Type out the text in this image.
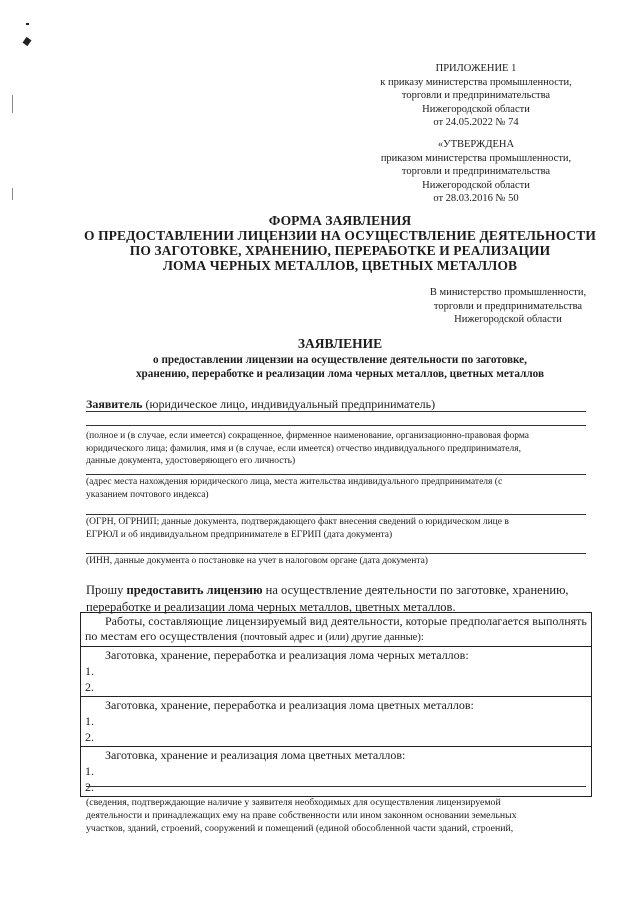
ПРИЛОЖЕНИЕ 1
к приказу министерства промышленности,
торговли и предпринимательства
Нижегородской области
от 24.05.2022 № 74
«УТВЕРЖДЕНА
приказом министерства промышленности,
торговли и предпринимательства
Нижегородской области
от 28.03.2016 № 50
ФОРМА ЗАЯВЛЕНИЯ
О ПРЕДОСТАВЛЕНИИ ЛИЦЕНЗИИ НА ОСУЩЕСТВЛЕНИЕ ДЕЯТЕЛЬНОСТИ
ПО ЗАГОТОВКЕ, ХРАНЕНИЮ, ПЕРЕРАБОТКЕ И РЕАЛИЗАЦИИ
ЛОМА ЧЕРНЫХ МЕТАЛЛОВ, ЦВЕТНЫХ МЕТАЛЛОВ
В министерство промышленности,
торговли и предпринимательства
Нижегородской области
ЗАЯВЛЕНИЕ
о предоставлении лицензии на осуществление деятельности по заготовке,
хранению, переработке и реализации лома черных металлов, цветных металлов
Заявитель (юридическое лицо, индивидуальный предприниматель)
(полное и (в случае, если имеется) сокращенное, фирменное наименование, организационно-правовая форма
юридического лица; фамилия, имя и (в случае, если имеется) отчество индивидуального предпринимателя,
данные документа, удостоверяющего его личность)
(адрес места нахождения юридического лица, места жительства индивидуального предпринимателя (с
указанием почтового индекса)
(ОГРН, ОГРНИП; данные документа, подтверждающего факт внесения сведений о юридическом лице в
ЕГРЮЛ и об индивидуальном предпринимателе в ЕГРИП (дата документа)
(ИНН, данные документа о постановке на учет в налоговом органе (дата документа)
Прошу предоставить лицензию на осуществление деятельности по заготовке, хранению,
переработке и реализации лома черных металлов, цветных металлов.
Работы, составляющие лицензируемый вид деятельности, которые предполагается выполнять по местам его осуществления (почтовый адрес и (или) другие данные):

Заготовка, хранение, переработка и реализация лома черных металлов:
1.
2.

Заготовка, хранение, переработка и реализация лома цветных металлов:
1.
2.

Заготовка, хранение и реализация лома цветных металлов:
1.
2.
(сведения, подтверждающие наличие у заявителя необходимых для осуществления лицензируемой
деятельности и принадлежащих ему на праве собственности или ином законном основании земельных
участков, зданий, строений, сооружений и помещений (единой обособленной части зданий, строений,
